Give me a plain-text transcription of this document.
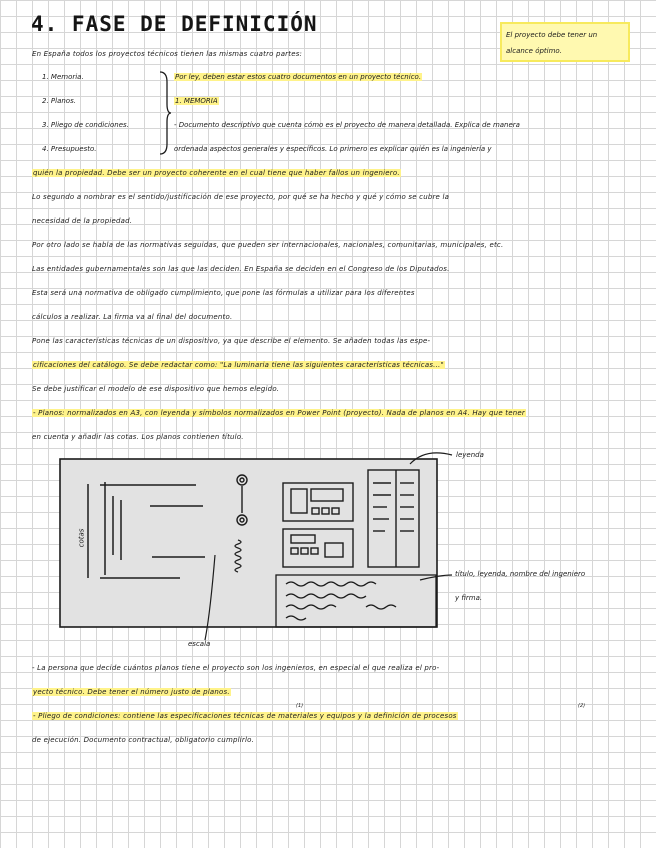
4. FASE DE DEFINICIÓN	El proyecto debe tener un alcance óptimo.
En España todos los proyectos técnicos tienen las mismas cuatro partes:
1. Memoria.
2. Planos.
3. Pliego de condiciones.
4. Presupuesto.
Por ley, deben estar estos cuatro documentos en un proyecto técnico.
1. MEMORIA
- Documento descriptivo que cuenta cómo es el proyecto de manera detallada. Explica de manera
ordenada aspectos generales y específicos. Lo primero es explicar quién es la ingeniería y
quién la propiedad. Debe ser un proyecto coherente en el cual tiene que haber fallos un ingeniero.
Lo segundo a nombrar es el sentido/justificación de ese proyecto, por qué se ha hecho y qué y cómo se cubre la
necesidad de la propiedad.
Por otro lado se habla de las normativas seguidas, que pueden ser internacionales, nacionales, comunitarias, municipales, etc.
Las entidades gubernamentales son las que las deciden. En España se deciden en el Congreso de los Diputados.
Esta será una normativa de obligado cumplimiento, que pone las fórmulas a utilizar para los diferentes
cálculos a realizar. La firma va al final del documento.
Pone las características técnicas de un dispositivo, ya que describe el elemento. Se añaden todas las espe-
cificaciones del catálogo. Se debe redactar como: "La luminaria tiene las siguientes características técnicas..."
Se debe justificar el modelo de ese dispositivo que hemos elegido.
- Planos: normalizados en A3, con leyenda y símbolos normalizados en Power Point (proyecto). Nada de planos en A4. Hay que tener
en cuenta y añadir las cotas. Los planos contienen título.
leyenda
título, leyenda, nombre del ingeniero
y firma.
cotas
escala
- La persona que decide cuántos planos tiene el proyecto son los ingenieros, en especial el que realiza el pro-
yecto técnico. Debe tener el número justo de planos.
- Pliego de condiciones: contiene las especificaciones técnicas de materiales y equipos y la definición de procesos
de ejecución. Documento contractual, obligatorio cumplirlo.
(1)	(2)
